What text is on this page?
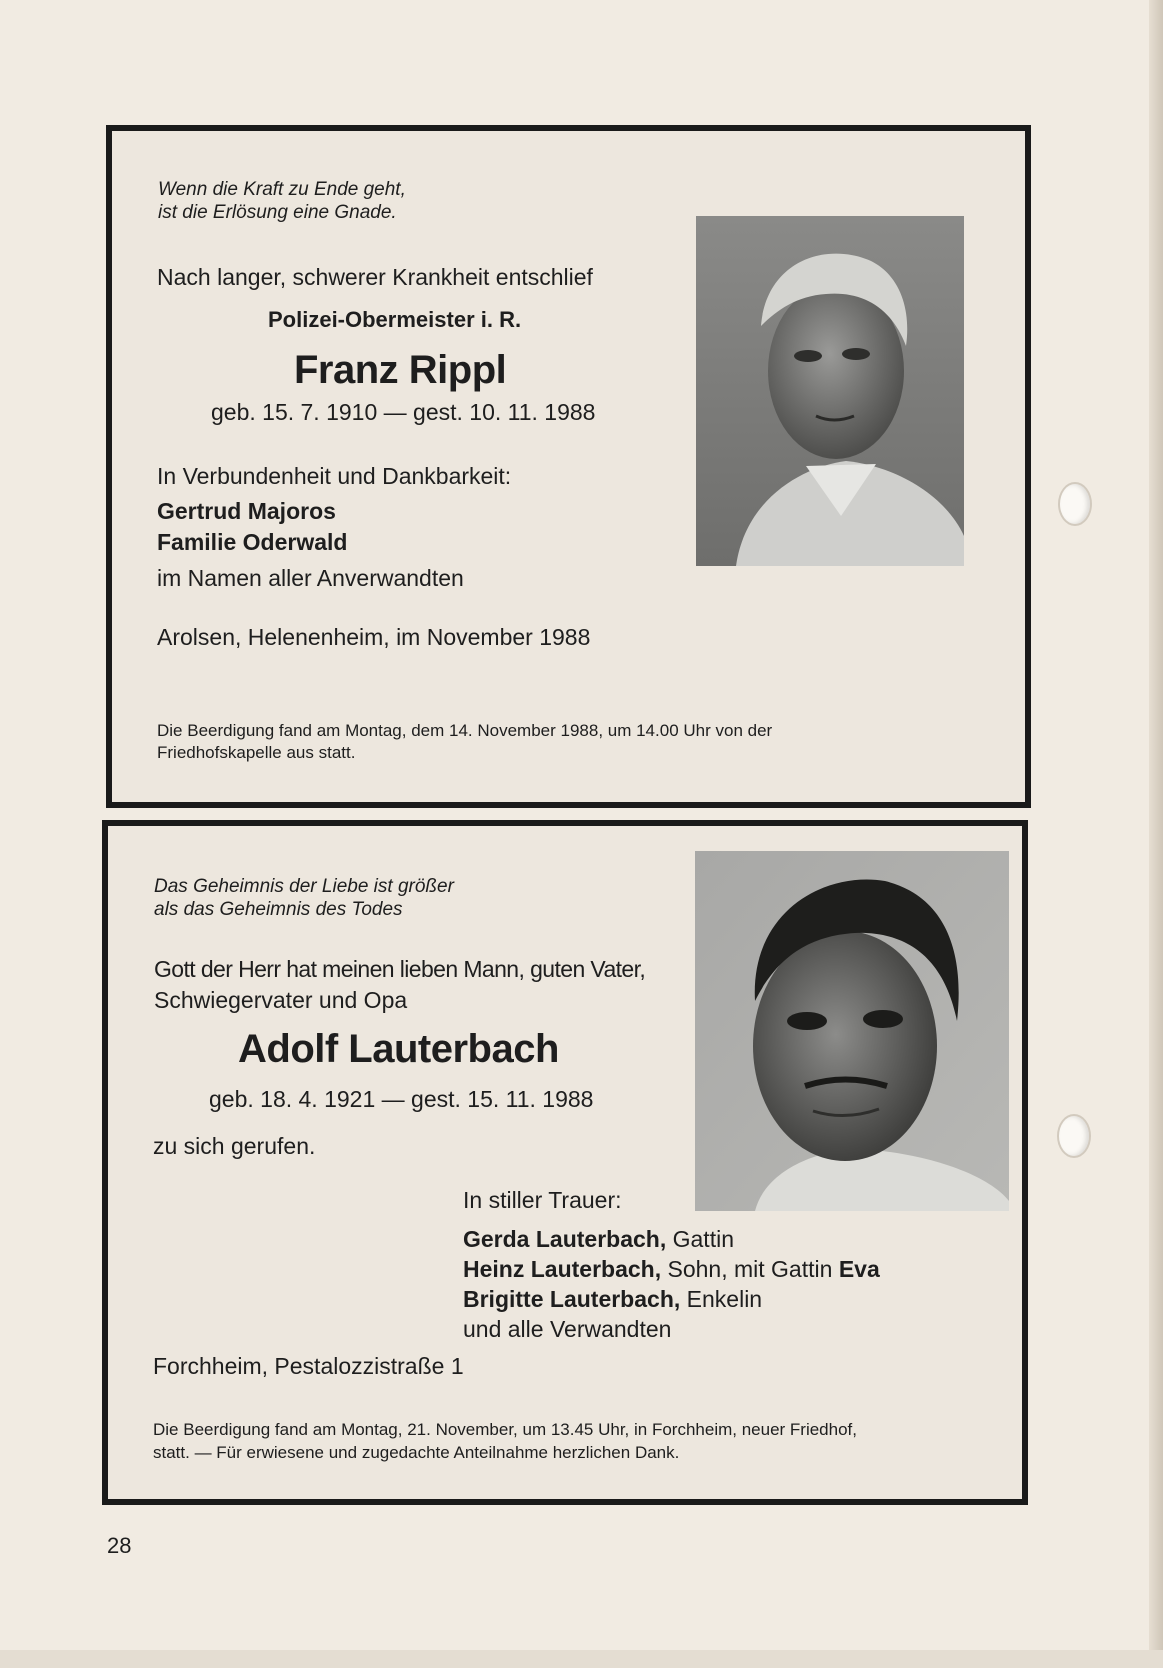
Wenn die Kraft zu Ende geht,
ist die Erlösung eine Gnade.
Nach langer, schwerer Krankheit entschlief
Polizei-Obermeister i. R.
Franz Rippl
geb. 15. 7. 1910 — gest. 10. 11. 1988
In Verbundenheit und Dankbarkeit:
Gertrud Majoros
Familie Oderwald
im Namen aller Anverwandten
Arolsen, Helenenheim, im November 1988
Die Beerdigung fand am Montag, dem 14. November 1988, um 14.00 Uhr von der
Friedhofskapelle aus statt.
Das Geheimnis der Liebe ist größer
als das Geheimnis des Todes
Gott der Herr hat meinen lieben Mann, guten Vater,
Schwiegervater und Opa
Adolf Lauterbach
geb. 18. 4. 1921 — gest. 15. 11. 1988
zu sich gerufen.
In stiller Trauer:
Gerda Lauterbach, Gattin
Heinz Lauterbach, Sohn, mit Gattin Eva
Brigitte Lauterbach, Enkelin
und alle Verwandten
Forchheim, Pestalozzistraße 1
Die Beerdigung fand am Montag, 21. November, um 13.45 Uhr, in Forchheim, neuer Friedhof,
statt. — Für erwiesene und zugedachte Anteilnahme herzlichen Dank.
28
